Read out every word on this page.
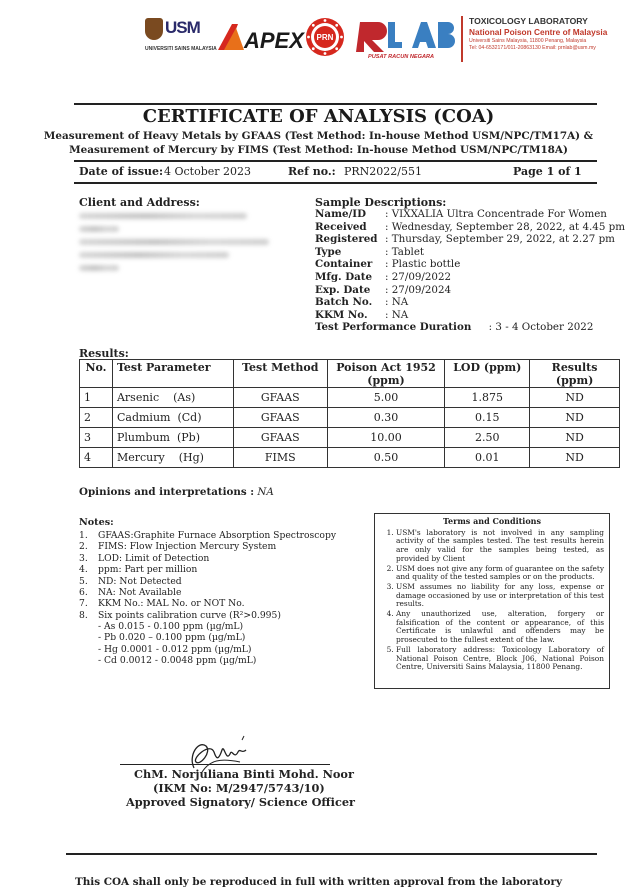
USM
UNIVERSITI SAINS MALAYSIA APEX PRN
PUSAT RACUN NEGARA
TOXICOLOGY LABORATORY
National Poison Centre of Malaysia
Universiti Sains Malaysia, 11800 Penang, Malaysia
Tel: 04-6532171/011-20863130 Email: prnlab@usm.my
CERTIFICATE OF ANALYSIS (COA)
Measurement of Heavy Metals by GFAAS (Test Method: In-house Method USM/NPC/TM17A) &
Measurement of Mercury by FIMS (Test Method: In-house Method USM/NPC/TM18A)
Date of issue: 4 October 2023	Ref no.: PRN2022/551	Page 1 of 1
Client and Address:	Sample Descriptions:
Name/ID : VIXXALIA Ultra Concentrade For Women
Received : Wednesday, September 28, 2022, at 4.45 pm
Registered : Thursday, September 29, 2022, at 2.27 pm
Type	: Tablet
Container : Plastic bottle
Mfg. Date : 27/09/2022
Exp. Date : 27/09/2024
Batch No. : NA
KKM No. : NA
Test Performance Duration : 3 - 4 October 2022
Results:
No.	Test Parameter	Test Method	Poison Act 1952 (ppm)	LOD (ppm)	Results (ppm)
1	Arsenic    (As)	GFAAS	5.00	1.875	ND
2	Cadmium  (Cd)	GFAAS	0.30	0.15	ND
3	Plumbum  (Pb)	GFAAS	10.00	2.50	ND
4	Mercury    (Hg)	FIMS	0.50	0.01	ND
Opinions and interpretations : NA
Notes:
1. GFAAS:Graphite Furnace Absorption Spectroscopy
2. FIMS: Flow Injection Mercury System
3. LOD: Limit of Detection
4. ppm: Part per million
5. ND: Not Detected
6. NA: Not Available
7. KKM No.: MAL No. or NOT No.
8. Six points calibration curve (R²>0.995)
- As 0.015 - 0.100 ppm (µg/mL)
- Pb 0.020 – 0.100 ppm (µg/mL)
- Hg 0.0001 - 0.012 ppm (µg/mL)
- Cd 0.0012 - 0.0048 ppm (µg/mL)
Terms and Conditions
1. USM's laboratory is not involved in any sampling activity of the samples tested. The test results herein are only valid for the samples being tested, as provided by Client
2. USM does not give any form of guarantee on the safety and quality of the tested samples or on the products.
3. USM assumes no liability for any loss, expense or damage occasioned by use or interpretation of this test results.
4. Any unauthorized use, alteration, forgery or falsification of the content or appearance, of this Certificate is unlawful and offenders may be prosecuted to the fullest extent of the law.
5. Full laboratory address: Toxicology Laboratory of National Poison Centre, Block J06, National Poison Centre, Universiti Sains Malaysia, 11800 Penang.
ChM. Norjuliana Binti Mohd. Noor
(IKM No: M/2947/5743/10)
Approved Signatory/ Science Officer
This COA shall only be reproduced in full with written approval from the laboratory
